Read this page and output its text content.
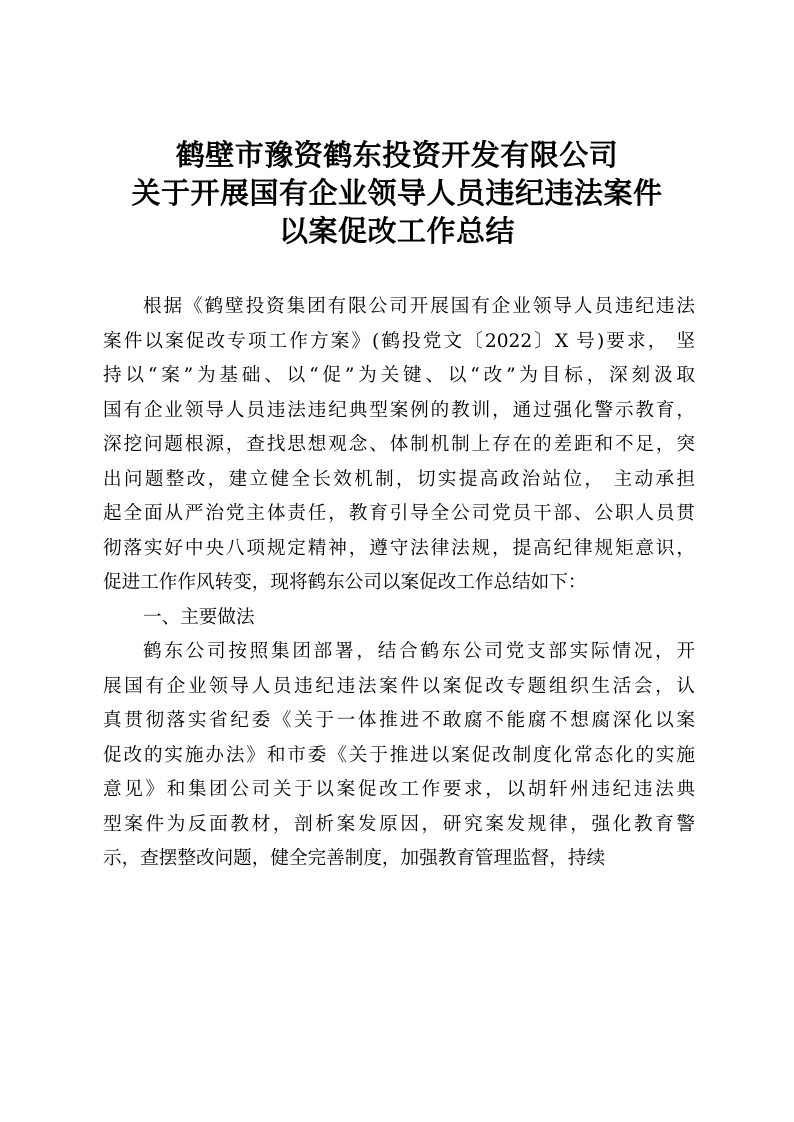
鹤壁市豫资鹤东投资开发有限公司
关于开展国有企业领导人员违纪违法案件
以案促改工作总结
根据《鹤壁投资集团有限公司开展国有企业领导人员违纪违法
案件以案促改专项工作方案》(鹤投党文〔2022〕X 号)要求， 坚
持以“案”为基础、以“促”为关键、以“改”为目标，深刻汲取
国有企业领导人员违法违纪典型案例的教训，通过强化警示教育，
深挖问题根源，查找思想观念、体制机制上存在的差距和不足，突
出问题整改，建立健全长效机制，切实提高政治站位， 主动承担
起全面从严治党主体责任，教育引导全公司党员干部、公职人员贯
彻落实好中央八项规定精神，遵守法律法规，提高纪律规矩意识，
促进工作作风转变，现将鹤东公司以案促改工作总结如下：
一、主要做法
鹤东公司按照集团部署，结合鹤东公司党支部实际情况，开
展国有企业领导人员违纪违法案件以案促改专题组织生活会，认
真贯彻落实省纪委《关于一体推进不敢腐不能腐不想腐深化以案
促改的实施办法》和市委《关于推进以案促改制度化常态化的实施
意见》和集团公司关于以案促改工作要求，以胡轩州违纪违法典
型案件为反面教材，剖析案发原因，研究案发规律，强化教育警
示，查摆整改问题，健全完善制度，加强教育管理监督，持续
